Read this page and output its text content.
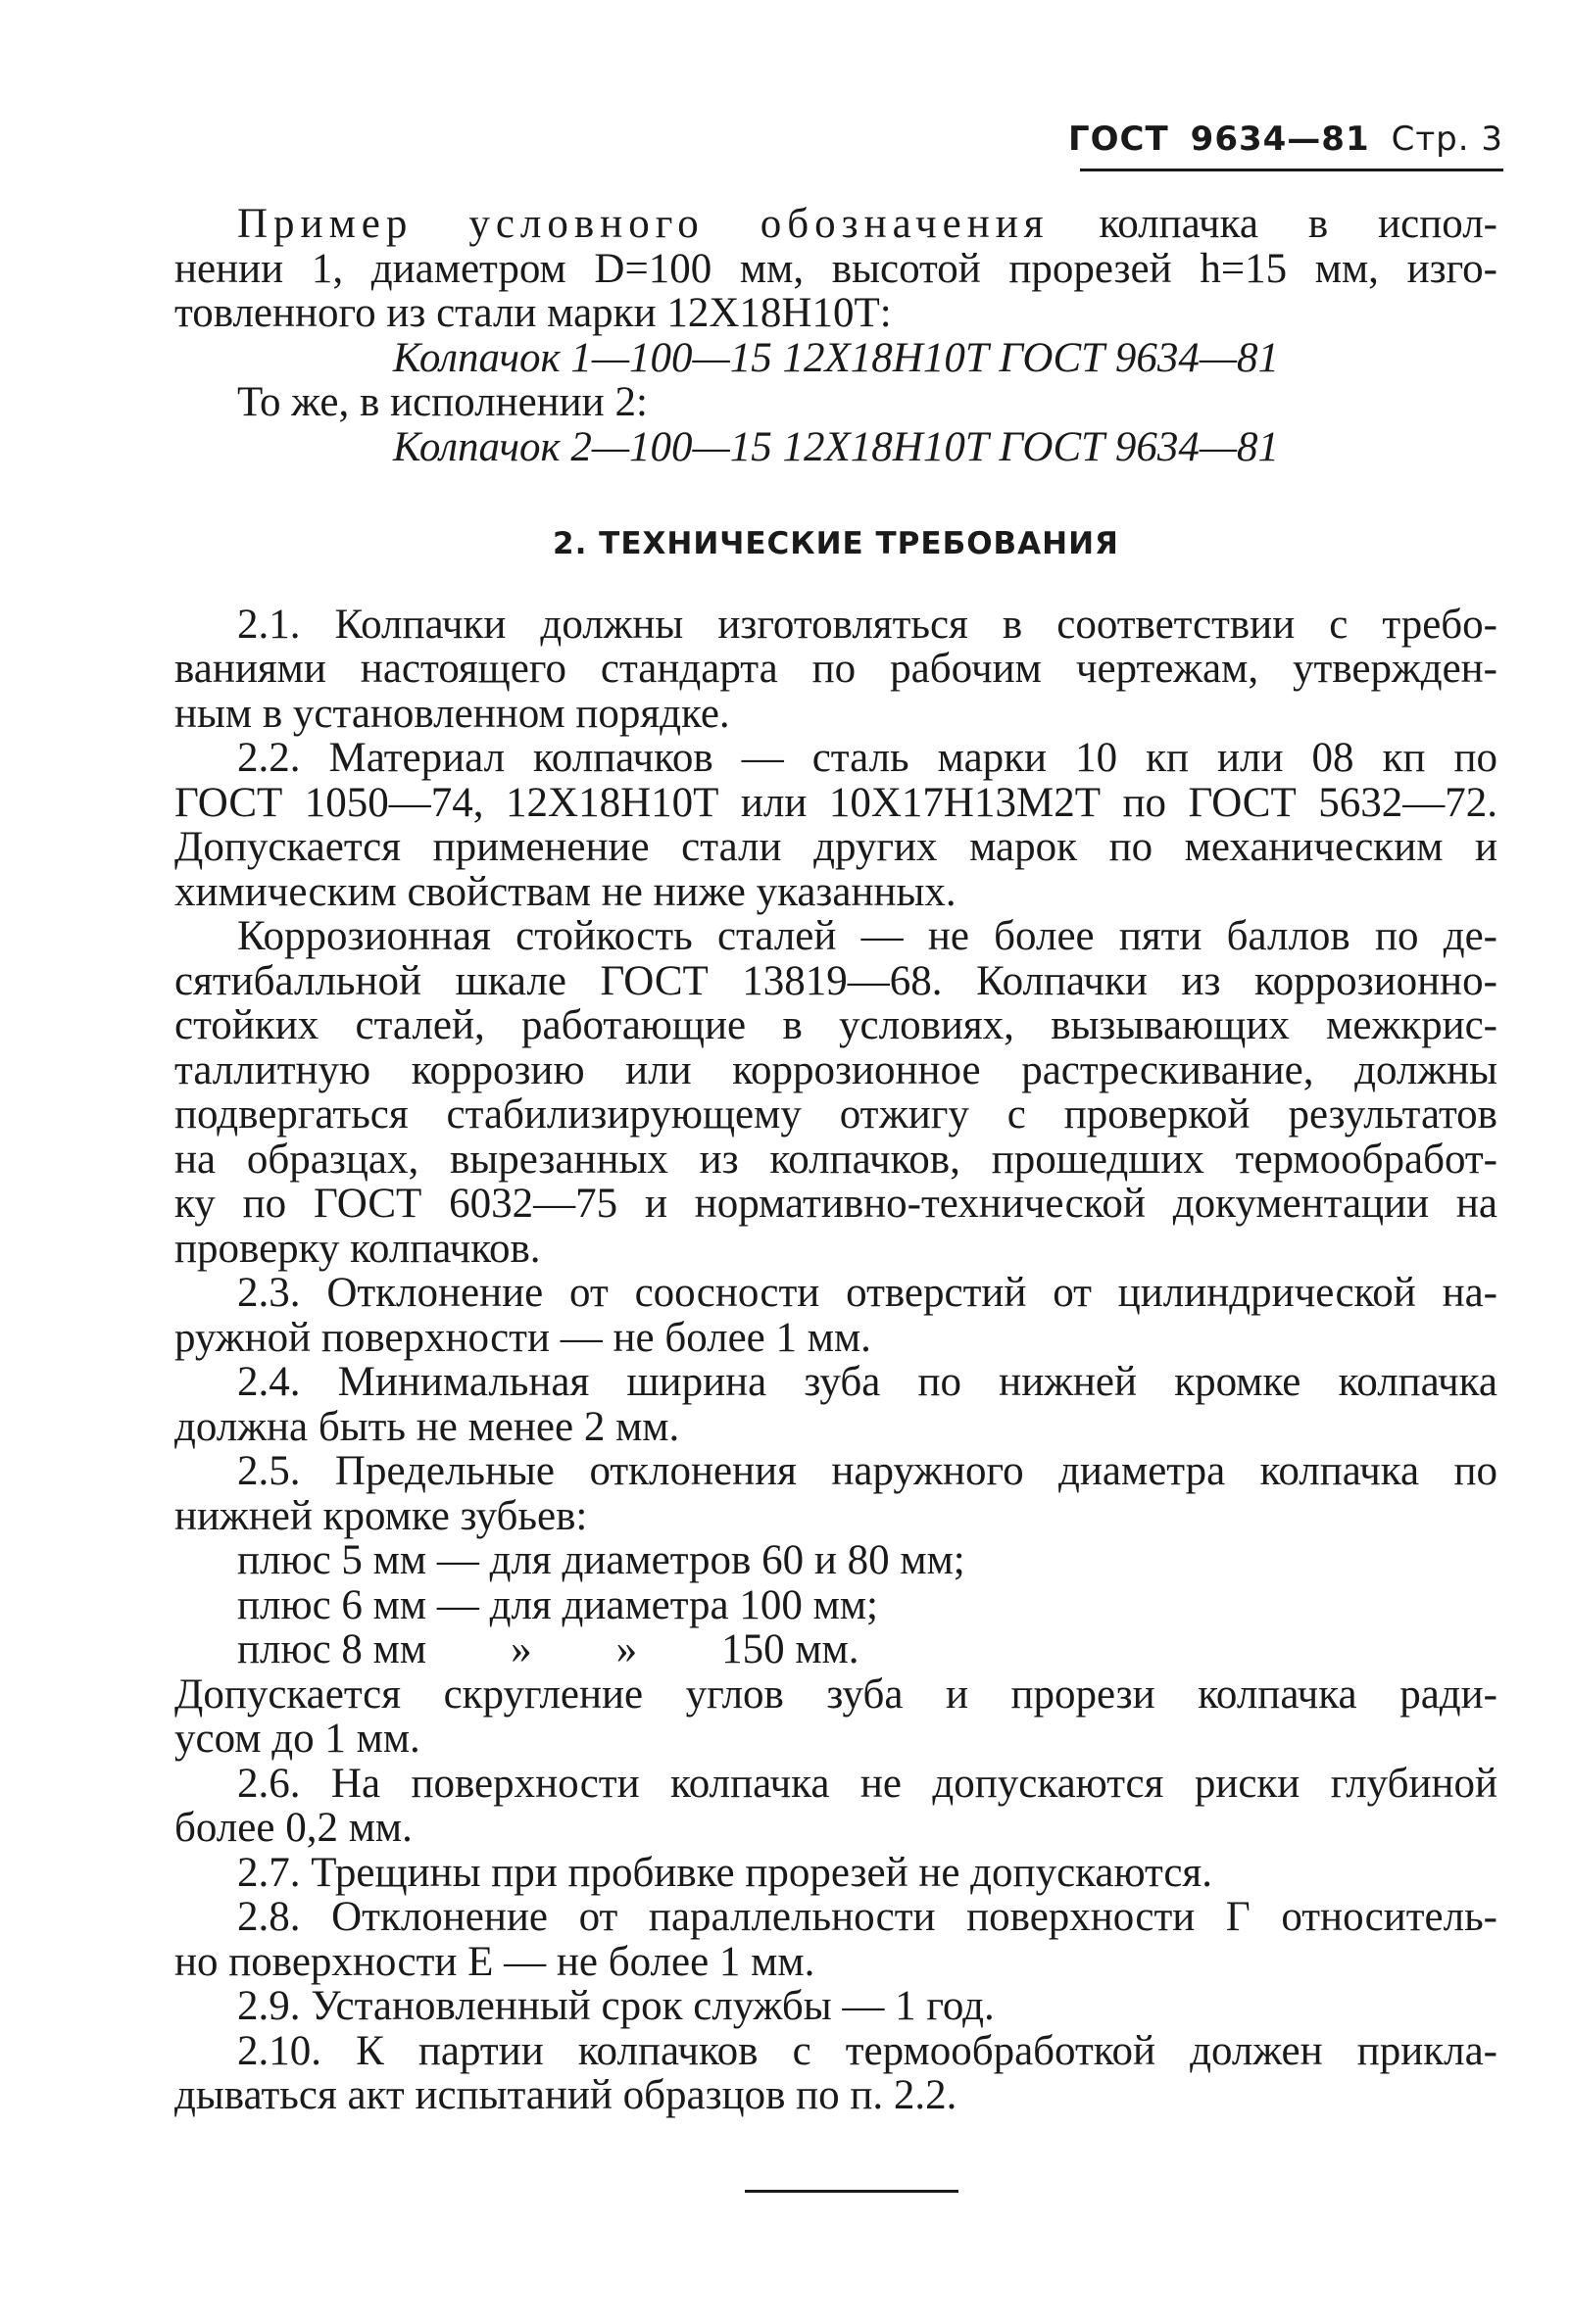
ГОСТ 9634—81 Стр. 3

Пример условного обозначения колпачка в испол-
нении 1, диаметром D=100 мм, высотой прорезей h=15 мм, изго-
товленного из стали марки 12Х18Н10Т:

Колпачок 1—100—15 12Х18Н10Т ГОСТ 9634—81

То же, в исполнении 2:

Колпачок 2—100—15 12Х18Н10Т ГОСТ 9634—81

2. ТЕХНИЧЕСКИЕ ТРЕБОВАНИЯ

2.1. Колпачки должны изготовляться в соответствии с требо-
ваниями настоящего стандарта по рабочим чертежам, утвержден-
ным в установленном порядке.

2.2. Материал колпачков — сталь марки 10 кп или 08 кп по
ГОСТ 1050—74, 12Х18Н10Т или 10Х17Н13М2Т по ГОСТ 5632—72.
Допускается применение стали других марок по механическим и
химическим свойствам не ниже указанных.

Коррозионная стойкость сталей — не более пяти баллов по де-
сятибалльной шкале ГОСТ 13819—68. Колпачки из коррозионно-
стойких сталей, работающие в условиях, вызывающих межкрис-
таллитную коррозию или коррозионное растрескивание, должны
подвергаться стабилизирующему отжигу с проверкой результатов
на образцах, вырезанных из колпачков, прошедших термообработ-
ку по ГОСТ 6032—75 и нормативно-технической документации на
проверку колпачков.

2.3. Отклонение от соосности отверстий от цилиндрической на-
ружной поверхности — не более 1 мм.

2.4. Минимальная ширина зуба по нижней кромке колпачка
должна быть не менее 2 мм.

2.5. Предельные отклонения наружного диаметра колпачка по
нижней кромке зубьев:

плюс 5 мм — для диаметров 60 и 80 мм;

плюс 6 мм — для диаметра 100 мм;

плюс 8 мм        »        »        150 мм.

Допускается скругление углов зуба и прорези колпачка ради-
усом до 1 мм.

2.6. На поверхности колпачка не допускаются риски глубиной
более 0,2 мм.

2.7. Трещины при пробивке прорезей не допускаются.

2.8. Отклонение от параллельности поверхности Г относитель-
но поверхности Е — не более 1 мм.

2.9. Установленный срок службы — 1 год.

2.10. К партии колпачков с термообработкой должен прикла-
дываться акт испытаний образцов по п. 2.2.
